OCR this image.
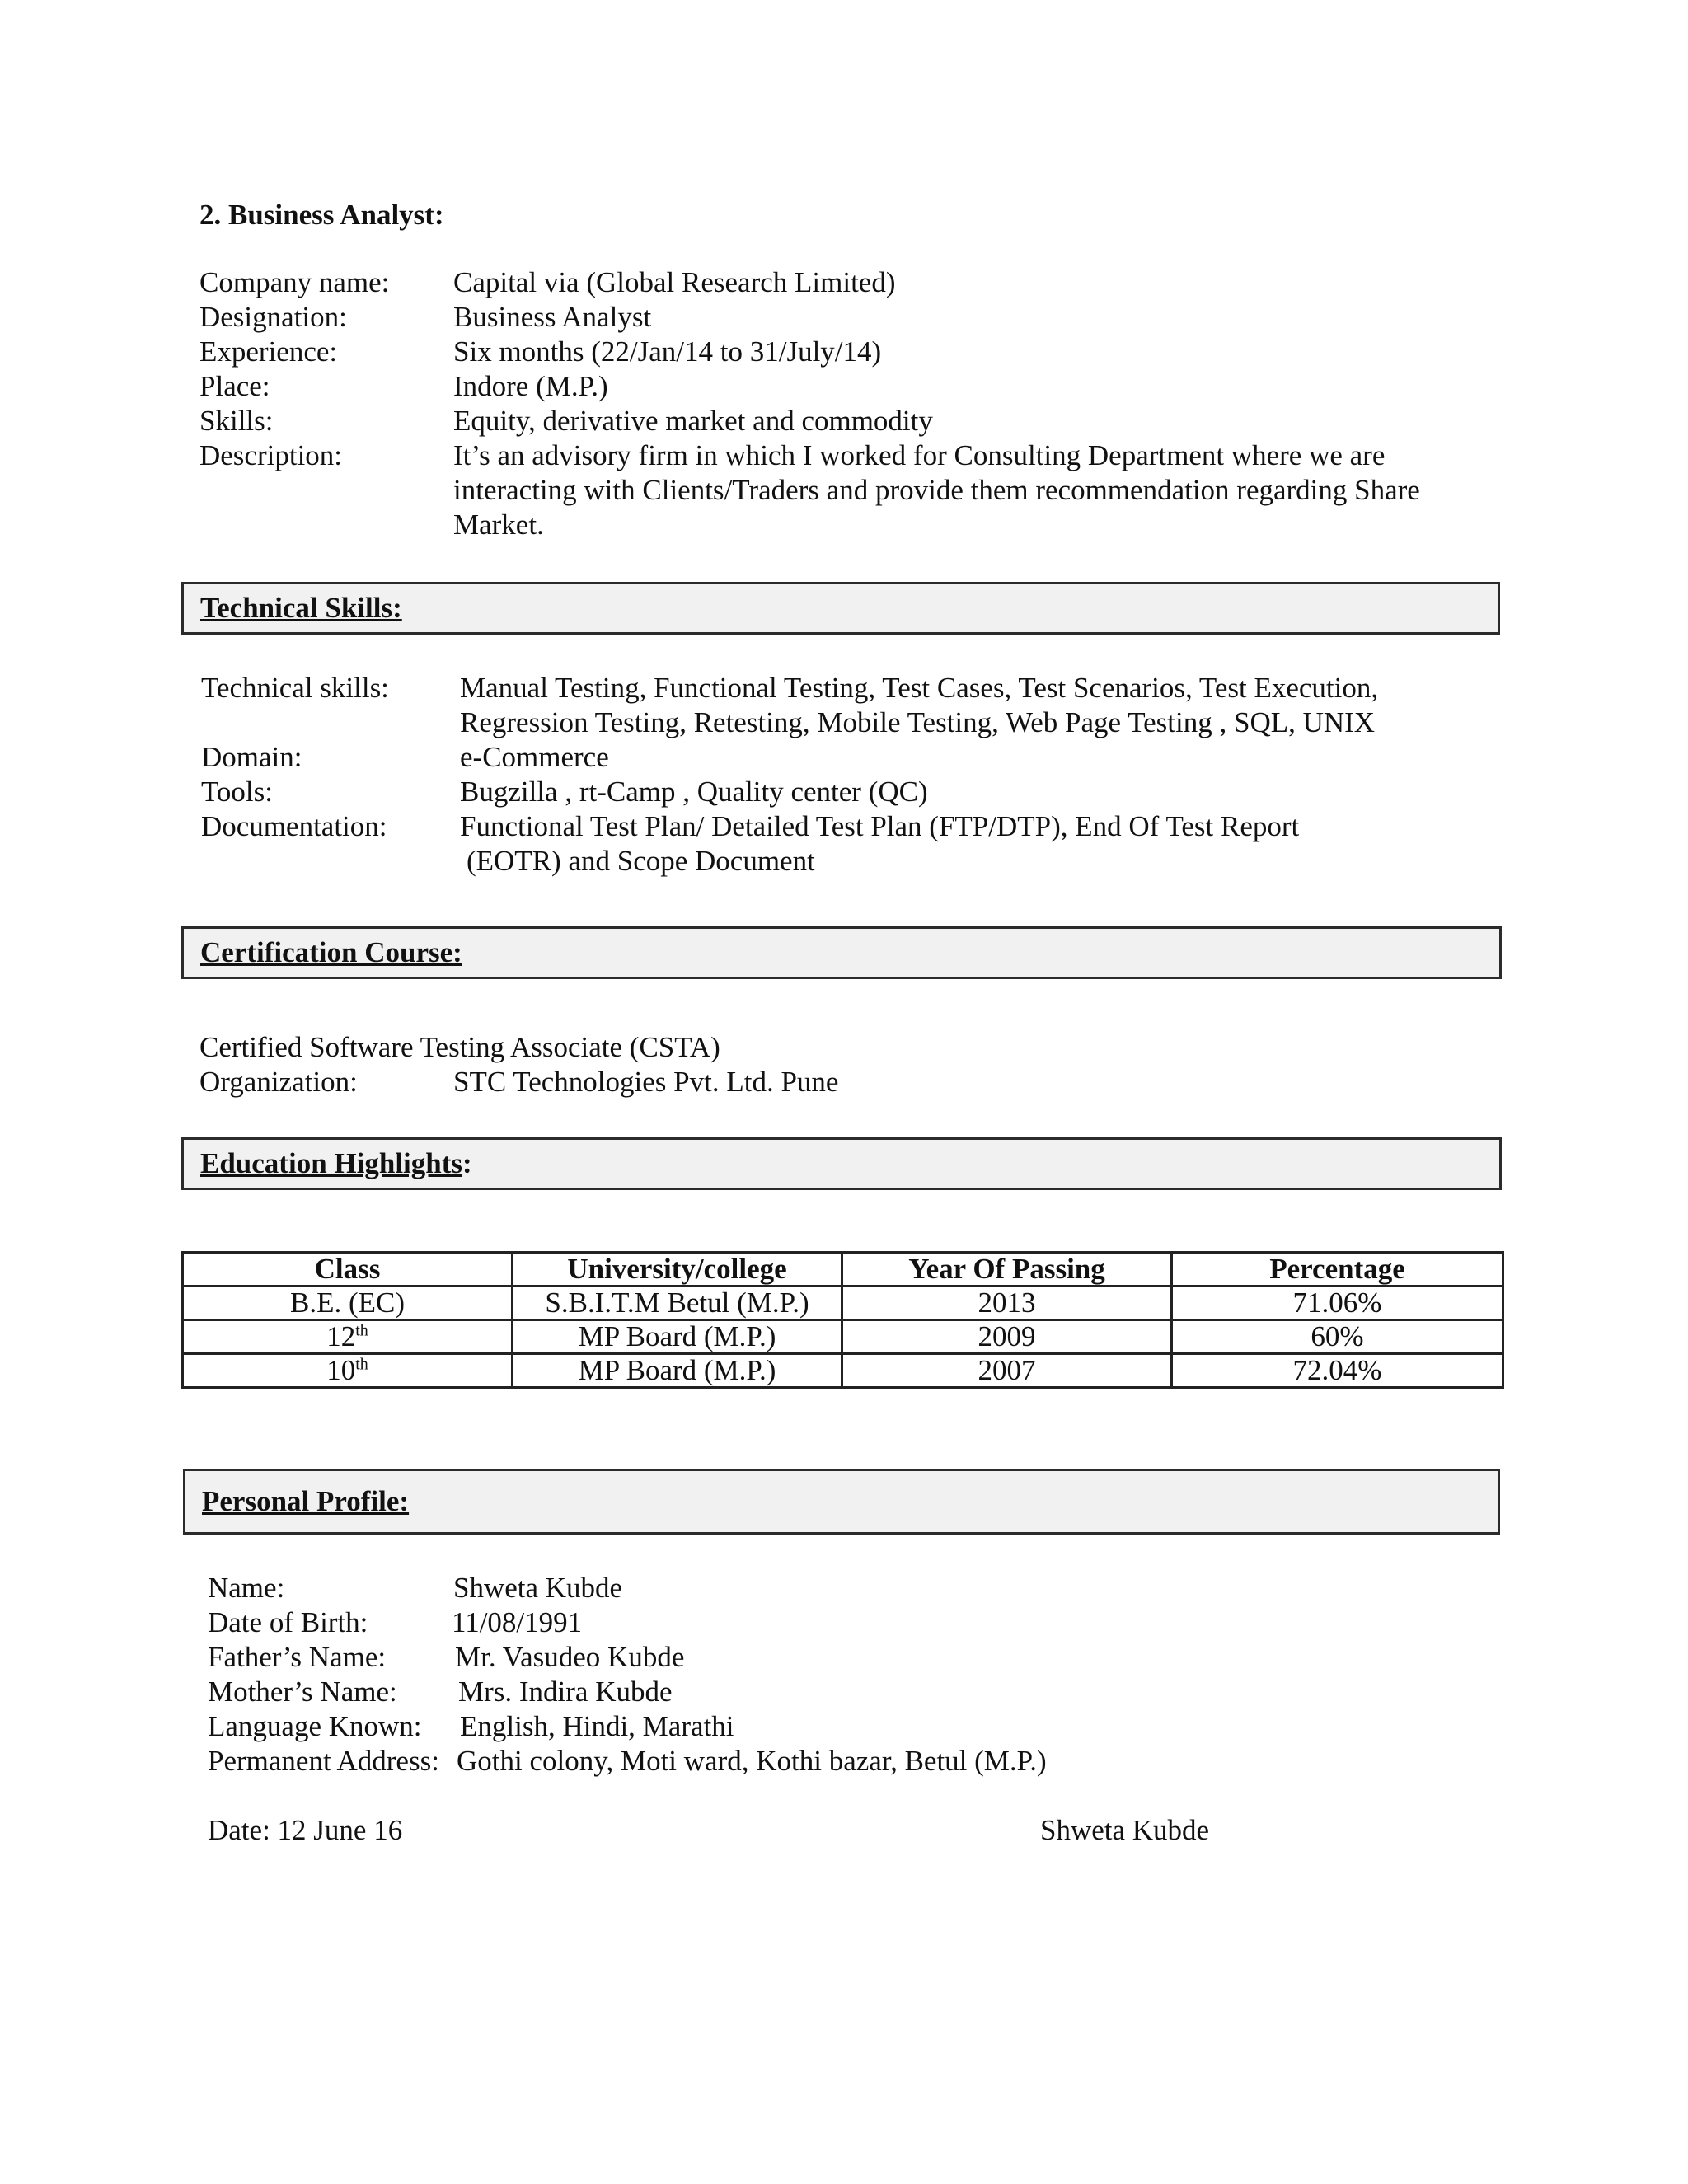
2. Business Analyst:
Company name: Capital via (Global Research Limited)
Designation:	Business Analyst
Experience:	Six months (22/Jan/14 to 31/July/14)
Place:	Indore (M.P.)
Skills:	Equity, derivative market and commodity
Description:	It’s an advisory firm in which I worked for Consulting Department where we are
interacting with Clients/Traders and provide them recommendation regarding Share
Market.
Technical Skills:
Technical skills: Manual Testing, Functional Testing, Test Cases, Test Scenarios, Test Execution,
Regression Testing, Retesting, Mobile Testing, Web Page Testing , SQL, UNIX
Domain:	e-Commerce
Tools:	Bugzilla , rt-Camp , Quality center (QC)
Documentation:	Functional Test Plan/ Detailed Test Plan (FTP/DTP), End Of Test Report
(EOTR) and Scope Document
Certification Course:
Certified Software Testing Associate (CSTA)
Organization:	STC Technologies Pvt. Ltd. Pune
Education Highlights:
Class	University/college	Year Of Passing	Percentage
B.E. (EC)	S.B.I.T.M Betul (M.P.)	2013	71.06%
12th	MP Board (M.P.)	2009	60%
10th	MP Board (M.P.)	2007	72.04%
Personal Profile:
Name:	Shweta Kubde
Date of Birth:	11/08/1991
Father’s Name: Mr. Vasudeo Kubde
Mother’s Name: Mrs. Indira Kubde
Language Known: English, Hindi, Marathi
Permanent Address: Gothi colony, Moti ward, Kothi bazar, Betul (M.P.)
Date: 12 June 16	Shweta Kubde
